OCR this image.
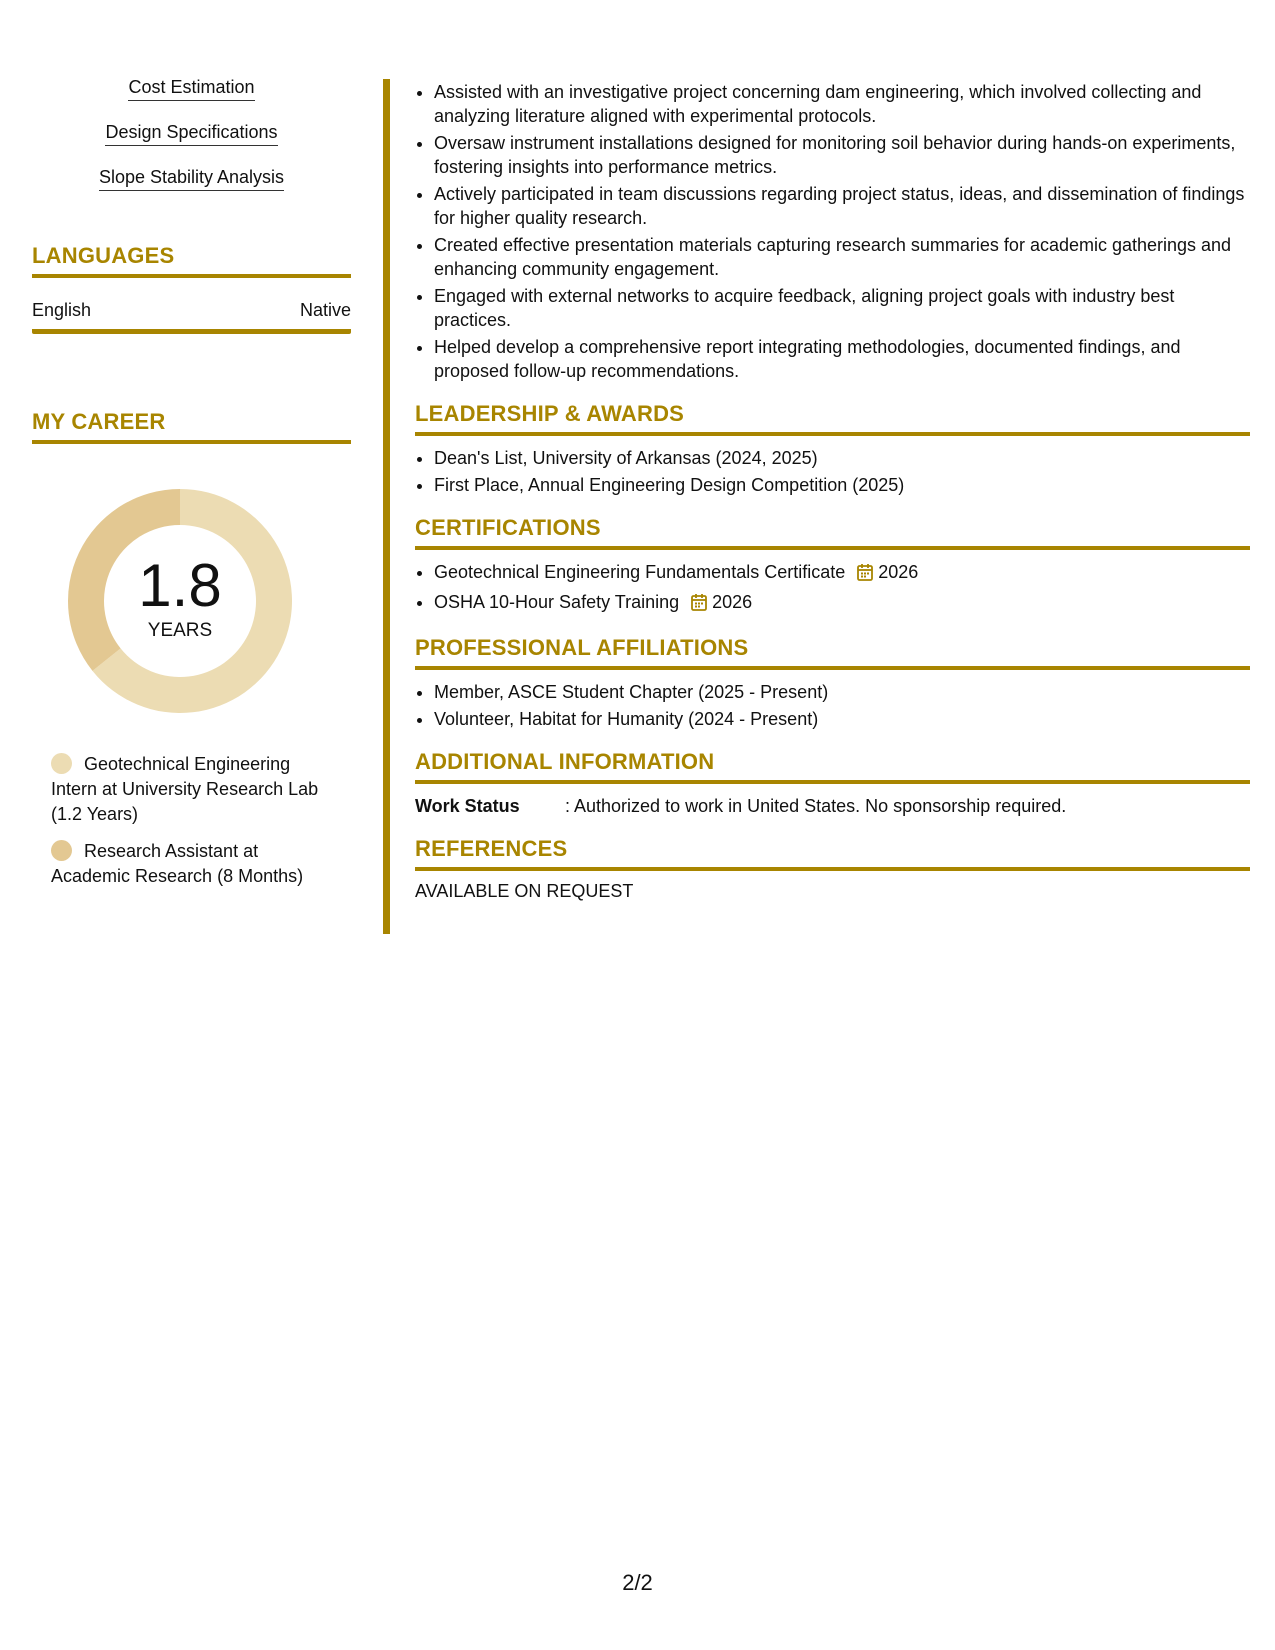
Cost Estimation
Design Specifications
Slope Stability Analysis
LANGUAGES
English	Native
MY CAREER
1.8
YEARS
Geotechnical Engineering Intern at University Research Lab (1.2 Years)
Research Assistant at Academic Research (8 Months)
• Assisted with an investigative project concerning dam engineering, which involved collecting and analyzing literature aligned with experimental protocols.
• Oversaw instrument installations designed for monitoring soil behavior during hands-on experiments, fostering insights into performance metrics.
• Actively participated in team discussions regarding project status, ideas, and dissemination of findings for higher quality research.
• Created effective presentation materials capturing research summaries for academic gatherings and enhancing community engagement.
• Engaged with external networks to acquire feedback, aligning project goals with industry best practices.
• Helped develop a comprehensive report integrating methodologies, documented findings, and proposed follow-up recommendations.
LEADERSHIP & AWARDS
• Dean's List, University of Arkansas (2024, 2025)
• First Place, Annual Engineering Design Competition (2025)
CERTIFICATIONS
• Geotechnical Engineering Fundamentals Certificate 2026
• OSHA 10-Hour Safety Training 2026
PROFESSIONAL AFFILIATIONS
• Member, ASCE Student Chapter (2025 - Present)
• Volunteer, Habitat for Humanity (2024 - Present)
ADDITIONAL INFORMATION
Work Status	: Authorized to work in United States. No sponsorship required.
REFERENCES
AVAILABLE ON REQUEST
2/2
